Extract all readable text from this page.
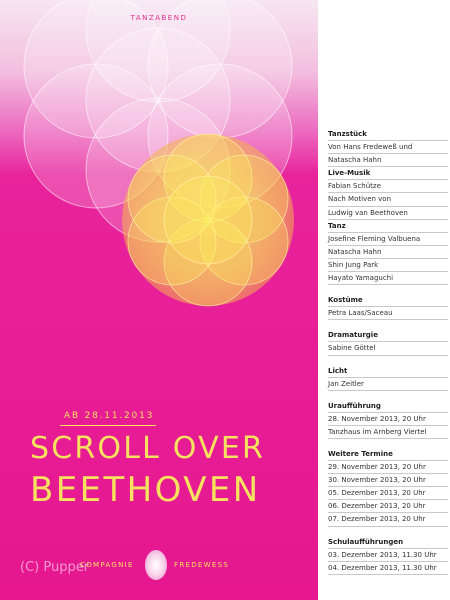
TANZABEND
AB 28.11.2013
SCROLL OVER
BEETHOVEN
COMPAGNIE	FREDEWESS
(C) Pupper
Tanzstück
Von Hans Fredeweß und
Natascha Hahn
Live-Musik
Fabian Schütze
Nach Motiven von
Ludwig van Beethoven
Tanz
Josefine Fleming Valbuena
Natascha Hahn
Shin Jung Park
Hayato Yamaguchi
Kostüme
Petra Laas/Saceau
Dramaturgie
Sabine Göttel
Licht
Jan Zeitler
Uraufführung
28. November 2013, 20 Uhr
Tanzhaus im Arnberg Viertel
Weitere Termine
29. November 2013, 20 Uhr
30. November 2013, 20 Uhr
05. Dezember 2013, 20 Uhr
06. Dezember 2013, 20 Uhr
07. Dezember 2013, 20 Uhr
Schulaufführungen
03. Dezember 2013, 11.30 Uhr
04. Dezember 2013, 11.30 Uhr
